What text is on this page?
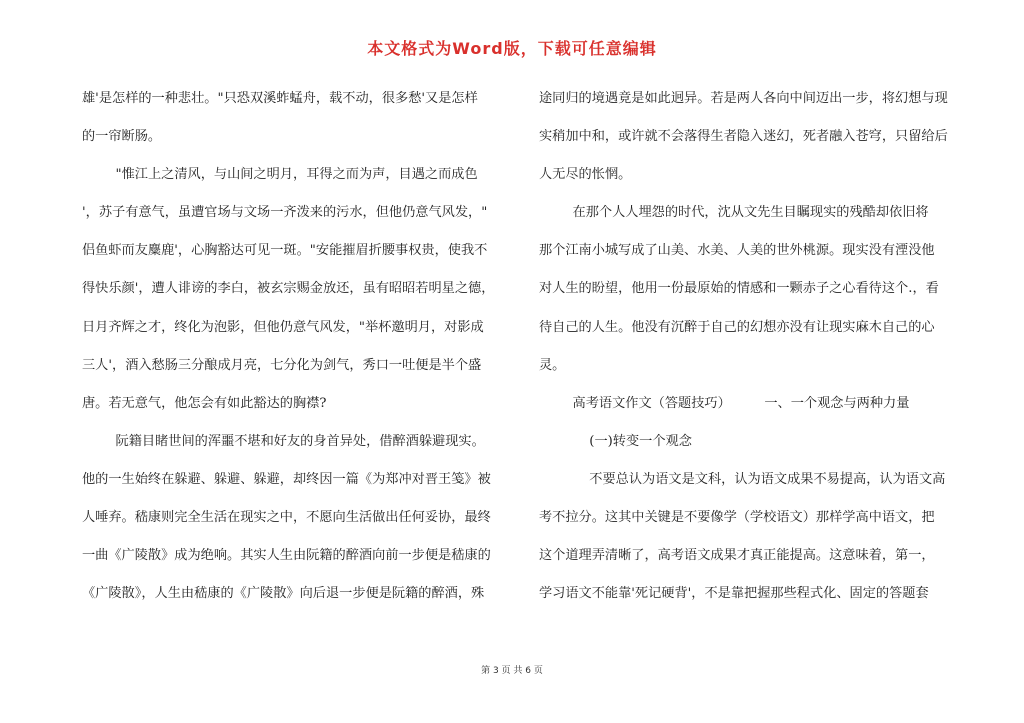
本文格式为Word版，下载可任意编辑
雄'是怎样的一种悲壮。"只恐双溪蚱蜢舟，载不动，很多愁'又是怎样
的一帘断肠。
"惟江上之清风，与山间之明月，耳得之而为声，目遇之而成色
'，苏子有意气，虽遭官场与文场一齐泼来的污水，但他仍意气风发，"
侣鱼虾而友麋鹿'，心胸豁达可见一斑。"安能摧眉折腰事权贵，使我不
得快乐颜'，遭人诽谤的李白，被玄宗赐金放还，虽有昭昭若明星之德，
日月齐辉之才，终化为泡影，但他仍意气风发，"举杯邀明月，对影成
三人'，酒入愁肠三分酿成月亮，七分化为剑气，秀口一吐便是半个盛
唐。若无意气，他怎会有如此豁达的胸襟?
阮籍目睹世间的浑噩不堪和好友的身首异处，借醉酒躲避现实。
他的一生始终在躲避、躲避、躲避，却终因一篇《为郑冲对晋王笺》被
人唾弃。嵇康则完全生活在现实之中，不愿向生活做出任何妥协，最终
一曲《广陵散》成为绝响。其实人生由阮籍的醉酒向前一步便是嵇康的
《广陵散》，人生由嵇康的《广陵散》向后退一步便是阮籍的醉酒，殊
途同归的境遇竟是如此迥异。若是两人各向中间迈出一步，将幻想与现
实稍加中和，或许就不会落得生者隐入迷幻，死者融入苍穹，只留给后
人无尽的怅惘。
在那个人人埋怨的时代，沈从文先生目瞩现实的残酷却依旧将
那个江南小城写成了山美、水美、人美的世外桃源。现实没有湮没他
对人生的盼望，他用一份最原始的情感和一颗赤子之心看待这个.，看
待自己的人生。他没有沉醉于自己的幻想亦没有让现实麻木自己的心
灵。
高考语文作文（答题技巧）        一、一个观念与两种力量
(一)转变一个观念
不要总认为语文是文科，认为语文成果不易提高，认为语文高
考不拉分。这其中关键是不要像学（学校语文）那样学高中语文，把
这个道理弄清晰了，高考语文成果才真正能提高。这意味着，第一，
学习语文不能靠'死记硬背'，不是靠把握那些程式化、固定的答题套
第 3 页 共 6 页
